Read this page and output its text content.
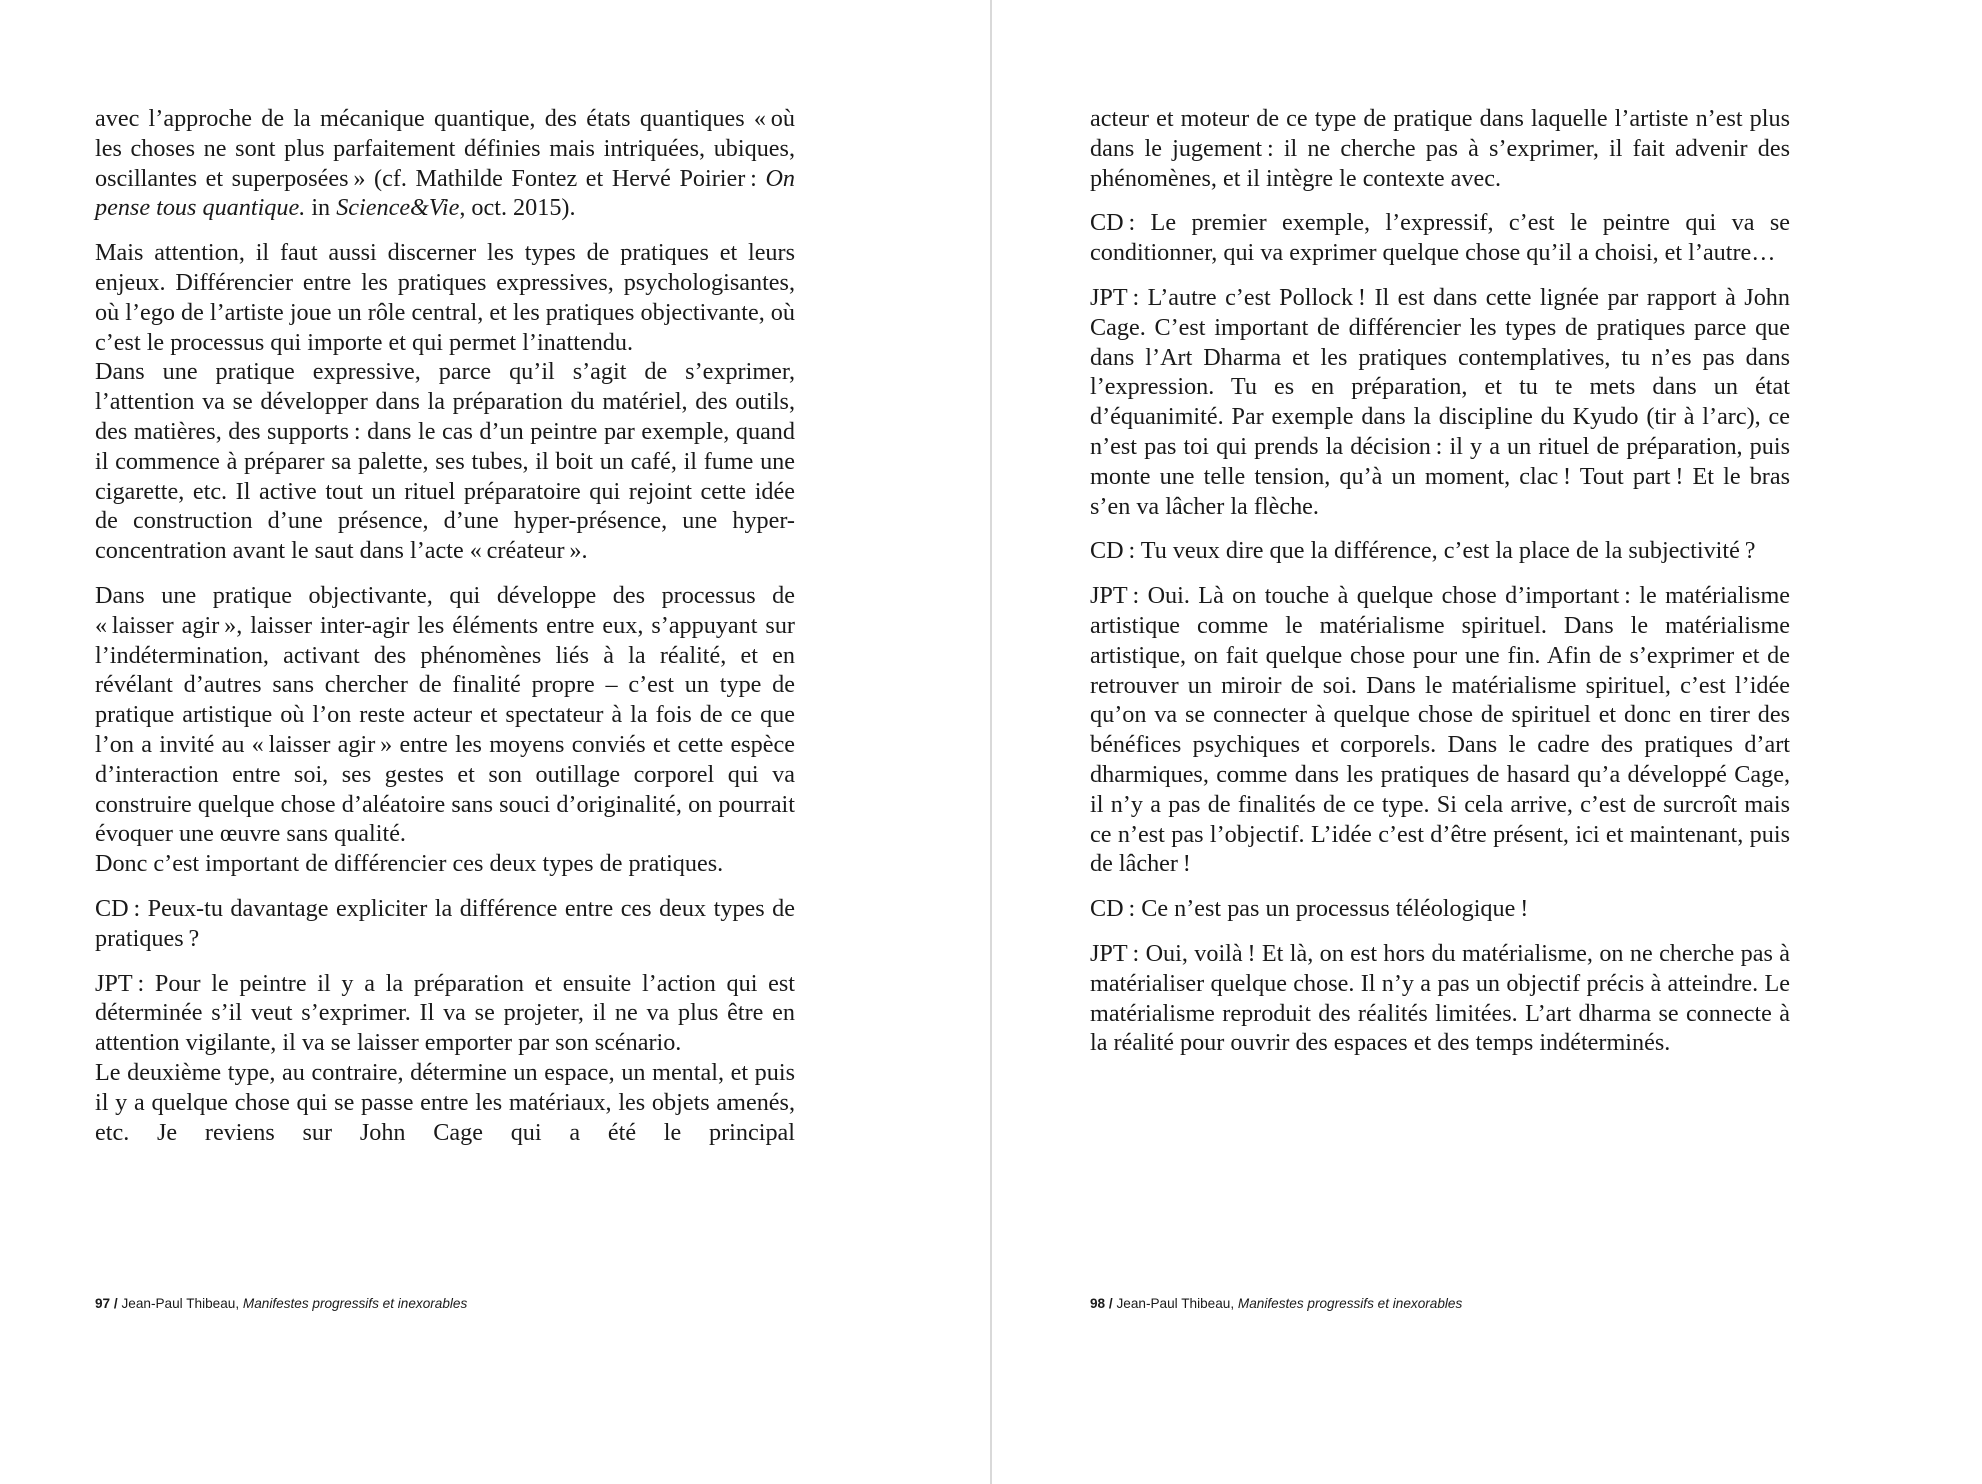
avec l’approche de la mécanique quantique, des états quantiques « où les choses ne sont plus parfaitement définies mais intriquées, ubiques, oscillantes et superposées » (cf. Mathilde Fontez et Hervé Poirier : On pense tous quantique. in Science&Vie, oct. 2015).

Mais attention, il faut aussi discerner les types de pratiques et leurs enjeux. Différencier entre les pratiques expressives, psychologisantes, où l’ego de l’artiste joue un rôle central, et les pratiques objectivante, où c’est le processus qui importe et qui permet l’inattendu.

Dans une pratique expressive, parce qu’il s’agit de s’exprimer, l’attention va se développer dans la préparation du matériel, des outils, des matières, des supports : dans le cas d’un peintre par exemple, quand il commence à préparer sa palette, ses tubes, il boit un café, il fume une cigarette, etc. Il active tout un rituel préparatoire qui rejoint cette idée de construction d’une présence, d’une hyper-présence, une hyper-concentration avant le saut dans l’acte « créateur ».

Dans une pratique objectivante, qui développe des processus de « laisser agir », laisser inter-agir les éléments entre eux, s’appuyant sur l’indétermination, activant des phénomènes liés à la réalité, et en révélant d’autres sans chercher de finalité propre – c’est un type de pratique artistique où l’on reste acteur et spectateur à la fois de ce que l’on a invité au « laisser agir » entre les moyens conviés et cette espèce d’interaction entre soi, ses gestes et son outillage corporel qui va construire quelque chose d’aléatoire sans souci d’originalité, on pourrait évoquer une œuvre sans qualité.

Donc c’est important de différencier ces deux types de pratiques.

CD : Peux-tu davantage expliciter la différence entre ces deux types de pratiques ?

JPT : Pour le peintre il y a la préparation et ensuite l’action qui est déterminée s’il veut s’exprimer. Il va se projeter, il ne va plus être en attention vigilante, il va se laisser emporter par son scénario.

Le deuxième type, au contraire, détermine un espace, un mental, et puis il y a quelque chose qui se passe entre les matériaux, les objets amenés, etc. Je reviens sur John Cage qui a été le principal

97 / Jean-Paul Thibeau, Manifestes progressifs et inexorables

acteur et moteur de ce type de pratique dans laquelle l’artiste n’est plus dans le jugement : il ne cherche pas à s’exprimer, il fait advenir des phénomènes, et il intègre le contexte avec.

CD : Le premier exemple, l’expressif, c’est le peintre qui va se conditionner, qui va exprimer quelque chose qu’il a choisi, et l’autre…

JPT : L’autre c’est Pollock ! Il est dans cette lignée par rapport à John Cage. C’est important de différencier les types de pratiques parce que dans l’Art Dharma et les pratiques contemplatives, tu n’es pas dans l’expression. Tu es en préparation, et tu te mets dans un état d’équanimité. Par exemple dans la discipline du Kyudo (tir à l’arc), ce n’est pas toi qui prends la décision : il y a un rituel de préparation, puis monte une telle tension, qu’à un moment, clac ! Tout part ! Et le bras s’en va lâcher la flèche.

CD : Tu veux dire que la différence, c’est la place de la subjectivité ?

JPT : Oui. Là on touche à quelque chose d’important : le matérialisme artistique comme le matérialisme spirituel. Dans le matérialisme artistique, on fait quelque chose pour une fin. Afin de s’exprimer et de retrouver un miroir de soi. Dans le matérialisme spirituel, c’est l’idée qu’on va se connecter à quelque chose de spirituel et donc en tirer des bénéfices psychiques et corporels. Dans le cadre des pratiques d’art dharmiques, comme dans les pratiques de hasard qu’a développé Cage, il n’y a pas de finalités de ce type. Si cela arrive, c’est de surcroît mais ce n’est pas l’objectif. L’idée c’est d’être présent, ici et maintenant, puis de lâcher !

CD : Ce n’est pas un processus téléologique !

JPT : Oui, voilà ! Et là, on est hors du matérialisme, on ne cherche pas à matérialiser quelque chose. Il n’y a pas un objectif précis à atteindre. Le matérialisme reproduit des réalités limitées. L’art dharma se connecte à la réalité pour ouvrir des espaces et des temps indéterminés.

98 / Jean-Paul Thibeau, Manifestes progressifs et inexorables
